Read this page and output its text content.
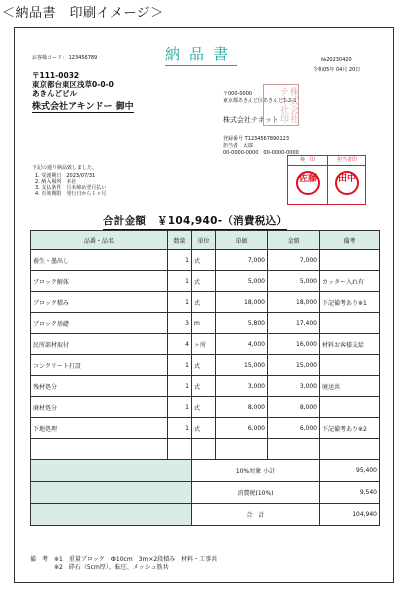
＜納品書　印刷イメージ＞
お客様コード： 123456789	納品書	№20230420
令和05年 04月 20日
〒111-0032
東京都台東区浅草0-0-0
あきんどビル
株式会社アキンドー 御中
〒000-0000
東京都あきんど区あきんど1-2-3
株式会社テネット	株式会社テネ社印
登録番号 T1234567890123
担当者　太郎
00-0000-0000　00-0000-0000
検　印	担当者印
佐藤	田中
下記の通り納品致しました。
1. 受渡期日　2023/07/31
2. 納入場所　本社
3. 支払条件　月末締め翌月払い
4. 有効期限　発行日から１ヶ月
合計金額　￥104,940-（消費税込）
品番・品名	数量	単位	単価	金額	備考
養生・墨出し	1	式	7,000	7,000	
ブロック解体	1	式	5,000	5,000	カッター入れ有
ブロック積み	1	式	18,000	18,000	下記備考あり※1
ブロック基礎	3	m	5,800	17,400	
民所部材取付	4	ヶ所	4,000	16,000	材料お客様支給
コンクリート打設	1	式	15,000	15,000	
残材処分	1	式	3,000	3,000	廃送共
廃材処分	1	式	8,000	8,000	
下地処理	1	式	6,000	6,000	下記備考あり※2

		10%対象 小計			95,400
		消費税(10%)			9,540
		合　計			104,940
備　考　※1　重量ブロック　Ф10cm　3m×2段積み　材料・工事共
　　　　※2　砕石（5cm厚）、転圧、メッシュ筋共
